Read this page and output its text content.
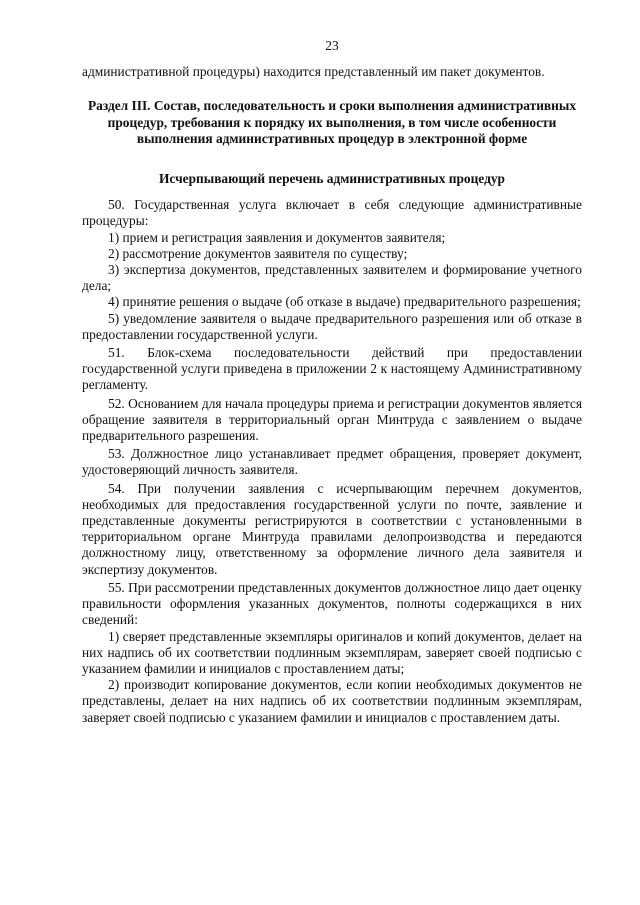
23

административной процедуры) находится представленный им пакет документов.

Раздел III. Состав, последовательность и сроки выполнения административных процедур, требования к порядку их выполнения, в том числе особенности выполнения административных процедур в электронной форме

Исчерпывающий перечень административных процедур

50. Государственная услуга включает в себя следующие административные процедуры:

1) прием и регистрация заявления и документов заявителя;

2) рассмотрение документов заявителя по существу;

3) экспертиза документов, представленных заявителем и формирование учетного дела;

4) принятие решения о выдаче (об отказе в выдаче) предварительного разрешения;

5) уведомление заявителя о выдаче предварительного разрешения или об отказе в предоставлении государственной услуги.

51. Блок-схема последовательности действий при предоставлении государственной услуги приведена в приложении 2 к настоящему Административному регламенту.

52. Основанием для начала процедуры приема и регистрации документов является обращение заявителя в территориальный орган Минтруда с заявлением о выдаче предварительного разрешения.

53. Должностное лицо устанавливает предмет обращения, проверяет документ, удостоверяющий личность заявителя.

54. При получении заявления с исчерпывающим перечнем документов, необходимых для предоставления государственной услуги по почте, заявление и представленные документы регистрируются в соответствии с установленными в территориальном органе Минтруда правилами делопроизводства и передаются должностному лицу, ответственному за оформление личного дела заявителя и экспертизу документов.

55. При рассмотрении представленных документов должностное лицо дает оценку правильности оформления указанных документов, полноты содержащихся в них сведений:

1) сверяет представленные экземпляры оригиналов и копий документов, делает на них надпись об их соответствии подлинным экземплярам, заверяет своей подписью с указанием фамилии и инициалов с проставлением даты;

2) производит копирование документов, если копии необходимых документов не представлены, делает на них надпись об их соответствии подлинным экземплярам, заверяет своей подписью с указанием фамилии и инициалов с проставлением даты.
